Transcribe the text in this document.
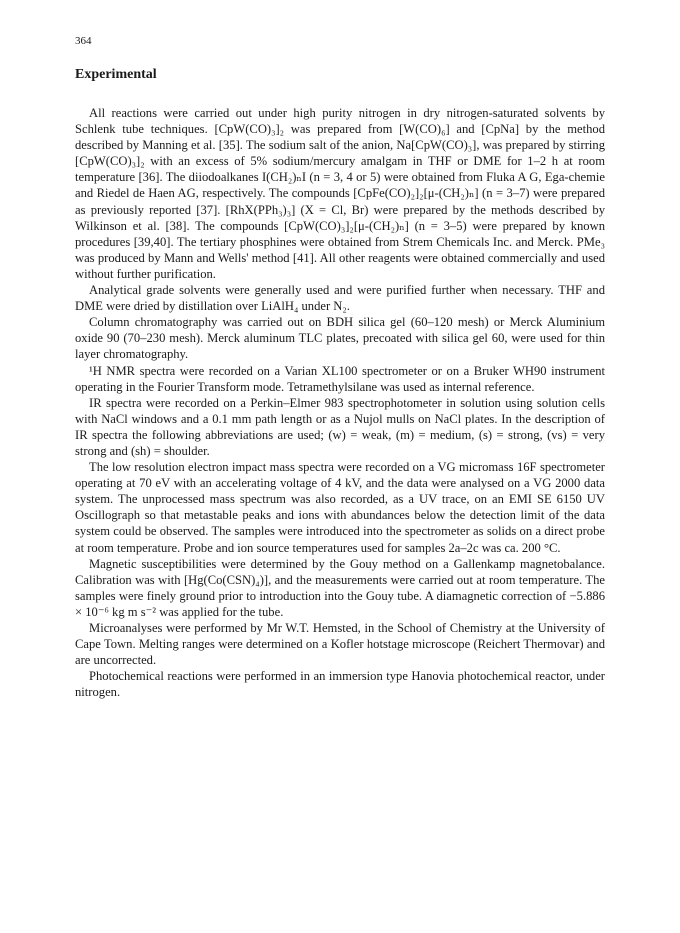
364
Experimental

All reactions were carried out under high purity nitrogen in dry nitrogen-saturated solvents by Schlenk tube techniques. [CpW(CO)₃]₂ was prepared from [W(CO)₆] and [CpNa] by the method described by Manning et al. [35]. The sodium salt of the anion, Na[CpW(CO)₃], was prepared by stirring [CpW(CO)₃]₂ with an excess of 5% sodium/mercury amalgam in THF or DME for 1–2 h at room temperature [36]. The diiodoalkanes I(CH₂)ₙI (n = 3, 4 or 5) were obtained from Fluka A G, Ega-chemie and Riedel de Haen AG, respectively. The compounds [CpFe(CO)₂]₂[μ-(CH₂)ₙ] (n = 3–7) were prepared as previously reported [37]. [RhX(PPh₃)₃] (X = Cl, Br) were prepared by the methods described by Wilkinson et al. [38]. The compounds [CpW(CO)₃]₂[μ-(CH₂)ₙ] (n = 3–5) were prepared by known procedures [39,40]. The tertiary phosphines were obtained from Strem Chemicals Inc. and Merck. PMe₃ was produced by Mann and Wells' method [41]. All other reagents were obtained commercially and used without further purification.

Analytical grade solvents were generally used and were purified further when necessary. THF and DME were dried by distillation over LiAlH₄ under N₂.

Column chromatography was carried out on BDH silica gel (60–120 mesh) or Merck Aluminium oxide 90 (70–230 mesh). Merck aluminum TLC plates, precoated with silica gel 60, were used for thin layer chromatography.

¹H NMR spectra were recorded on a Varian XL100 spectrometer or on a Bruker WH90 instrument operating in the Fourier Transform mode. Tetramethylsilane was used as internal reference.

IR spectra were recorded on a Perkin–Elmer 983 spectrophotometer in solution using solution cells with NaCl windows and a 0.1 mm path length or as a Nujol mulls on NaCl plates. In the description of IR spectra the following abbreviations are used; (w) = weak, (m) = medium, (s) = strong, (vs) = very strong and (sh) = shoulder.

The low resolution electron impact mass spectra were recorded on a VG micromass 16F spectrometer operating at 70 eV with an accelerating voltage of 4 kV, and the data were analysed on a VG 2000 data system. The unprocessed mass spectrum was also recorded, as a UV trace, on an EMI SE 6150 UV Oscillograph so that metastable peaks and ions with abundances below the detection limit of the data system could be observed. The samples were introduced into the spectrometer as solids on a direct probe at room temperature. Probe and ion source temperatures used for samples 2a–2c was ca. 200 °C.

Magnetic susceptibilities were determined by the Gouy method on a Gallenkamp magnetobalance. Calibration was with [Hg(Co(CSN)₄)], and the measurements were carried out at room temperature. The samples were finely ground prior to introduction into the Gouy tube. A diamagnetic correction of −5.886 × 10⁻⁶ kg m s⁻² was applied for the tube.

Microanalyses were performed by Mr W.T. Hemsted, in the School of Chemistry at the University of Cape Town. Melting ranges were determined on a Kofler hotstage microscope (Reichert Thermovar) and are uncorrected.

Photochemical reactions were performed in an immersion type Hanovia photochemical reactor, under nitrogen.
